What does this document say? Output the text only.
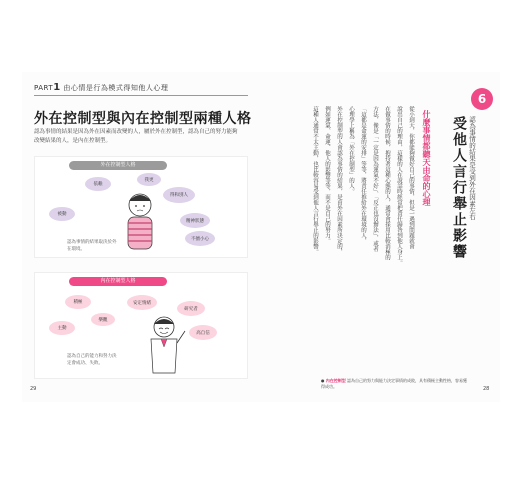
PART1 由心情是行為模式得知他人心理
外在控制型與內在控制型兩種人格
認為事情的結果是因為外在因素而改變的人，屬於外在控制型，認為自己的努力能夠改變結果的人，是內在控制型。
外在控制型人格
依賴
我更
得和別人
被動
精神狀態
不擅小心
認為事情的結果取決於外在環境。
內在控制型人格
積極	安定情緒
研究者
主動
高自信
樂觀
認為自己的能力和努力決定會成功、失敗。
29
6
受他人言行舉止影響 認為事情的結果是受到外在因素左右
什麼事情都聽天由命的心理
從小到大，你都能夠做好自己的事情，但是一遇到問題就會
說出自己的理由，這樣的人在說話時經常把責任歸咎到他人身上。
在做事情的時候，抱持著這種心態的人，通常會採用比較消極的
方法，像是「一定是因為運氣不好」、「反正也沒辦法」，或者
「這都是命運的安排」等等，將責任推給外在環境的人，
心理學上稱為「外在控制型」的人。
外在控制型的人會認為事情的結果，是由外在因素所決定的，
例如運氣、命運、他人的影響等等，而不是自己的努力。
這種人通常不太主動，也比較容易受到他人言行舉止的影響。
● 內在控制型 認為自己的努力與能力決定事情的成敗，具有積極主動性格，容易獲得成功。	28
